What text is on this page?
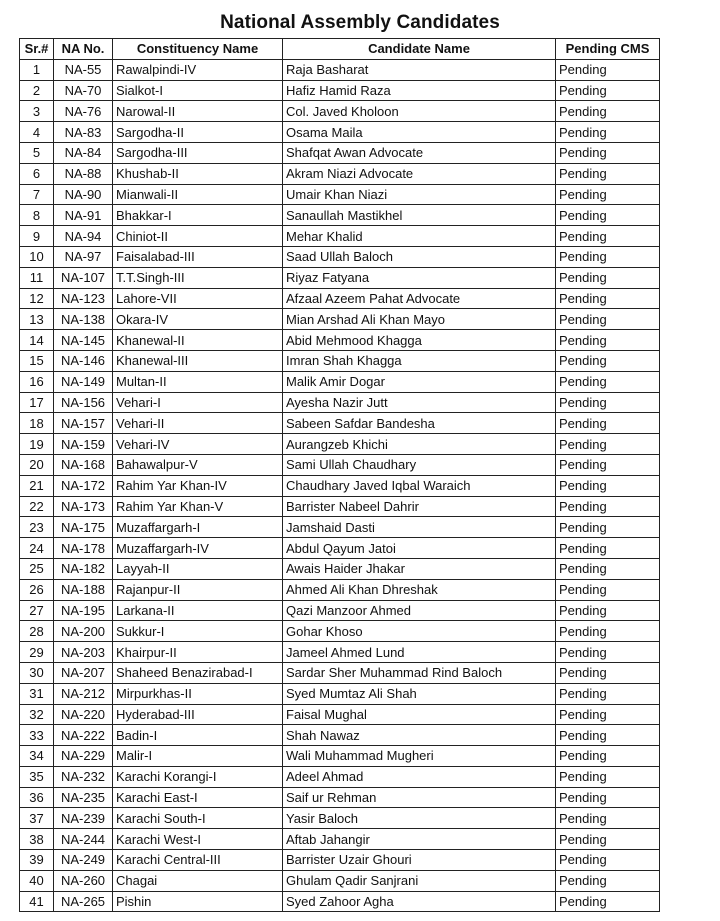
National Assembly Candidates
Sr.#	NA No.	Constituency Name	Candidate Name	Pending CMS
1	NA-55	Rawalpindi-IV	Raja Basharat	Pending
2	NA-70	Sialkot-I	Hafiz Hamid Raza	Pending
3	NA-76	Narowal-II	Col. Javed Kholoon	Pending
4	NA-83	Sargodha-II	Osama Maila	Pending
5	NA-84	Sargodha-III	Shafqat Awan Advocate	Pending
6	NA-88	Khushab-II	Akram Niazi Advocate	Pending
7	NA-90	Mianwali-II	Umair Khan Niazi	Pending
8	NA-91	Bhakkar-I	Sanaullah Mastikhel	Pending
9	NA-94	Chiniot-II	Mehar Khalid	Pending
10	NA-97	Faisalabad-III	Saad Ullah Baloch	Pending
11	NA-107	T.T.Singh-III	Riyaz Fatyana	Pending
12	NA-123	Lahore-VII	Afzaal Azeem Pahat Advocate	Pending
13	NA-138	Okara-IV	Mian Arshad Ali Khan Mayo	Pending
14	NA-145	Khanewal-II	Abid Mehmood Khagga	Pending
15	NA-146	Khanewal-III	Imran Shah Khagga	Pending
16	NA-149	Multan-II	Malik Amir Dogar	Pending
17	NA-156	Vehari-I	Ayesha Nazir Jutt	Pending
18	NA-157	Vehari-II	Sabeen Safdar Bandesha	Pending
19	NA-159	Vehari-IV	Aurangzeb Khichi	Pending
20	NA-168	Bahawalpur-V	Sami Ullah Chaudhary	Pending
21	NA-172	Rahim Yar Khan-IV	Chaudhary Javed Iqbal Waraich	Pending
22	NA-173	Rahim Yar Khan-V	Barrister Nabeel Dahrir	Pending
23	NA-175	Muzaffargarh-I	Jamshaid Dasti	Pending
24	NA-178	Muzaffargarh-IV	Abdul Qayum Jatoi	Pending
25	NA-182	Layyah-II	Awais Haider Jhakar	Pending
26	NA-188	Rajanpur-II	Ahmed Ali Khan Dhreshak	Pending
27	NA-195	Larkana-II	Qazi Manzoor Ahmed	Pending
28	NA-200	Sukkur-I	Gohar Khoso	Pending
29	NA-203	Khairpur-II	Jameel Ahmed Lund	Pending
30	NA-207	Shaheed Benazirabad-I	Sardar Sher Muhammad Rind Baloch	Pending
31	NA-212	Mirpurkhas-II	Syed Mumtaz Ali Shah	Pending
32	NA-220	Hyderabad-III	Faisal Mughal	Pending
33	NA-222	Badin-I	Shah Nawaz	Pending
34	NA-229	Malir-I	Wali Muhammad Mugheri	Pending
35	NA-232	Karachi Korangi-I	Adeel Ahmad	Pending
36	NA-235	Karachi East-I	Saif ur Rehman	Pending
37	NA-239	Karachi South-I	Yasir Baloch	Pending
38	NA-244	Karachi West-I	Aftab Jahangir	Pending
39	NA-249	Karachi Central-III	Barrister Uzair Ghouri	Pending
40	NA-260	Chagai	Ghulam Qadir Sanjrani	Pending
41	NA-265	Pishin	Syed Zahoor Agha	Pending
